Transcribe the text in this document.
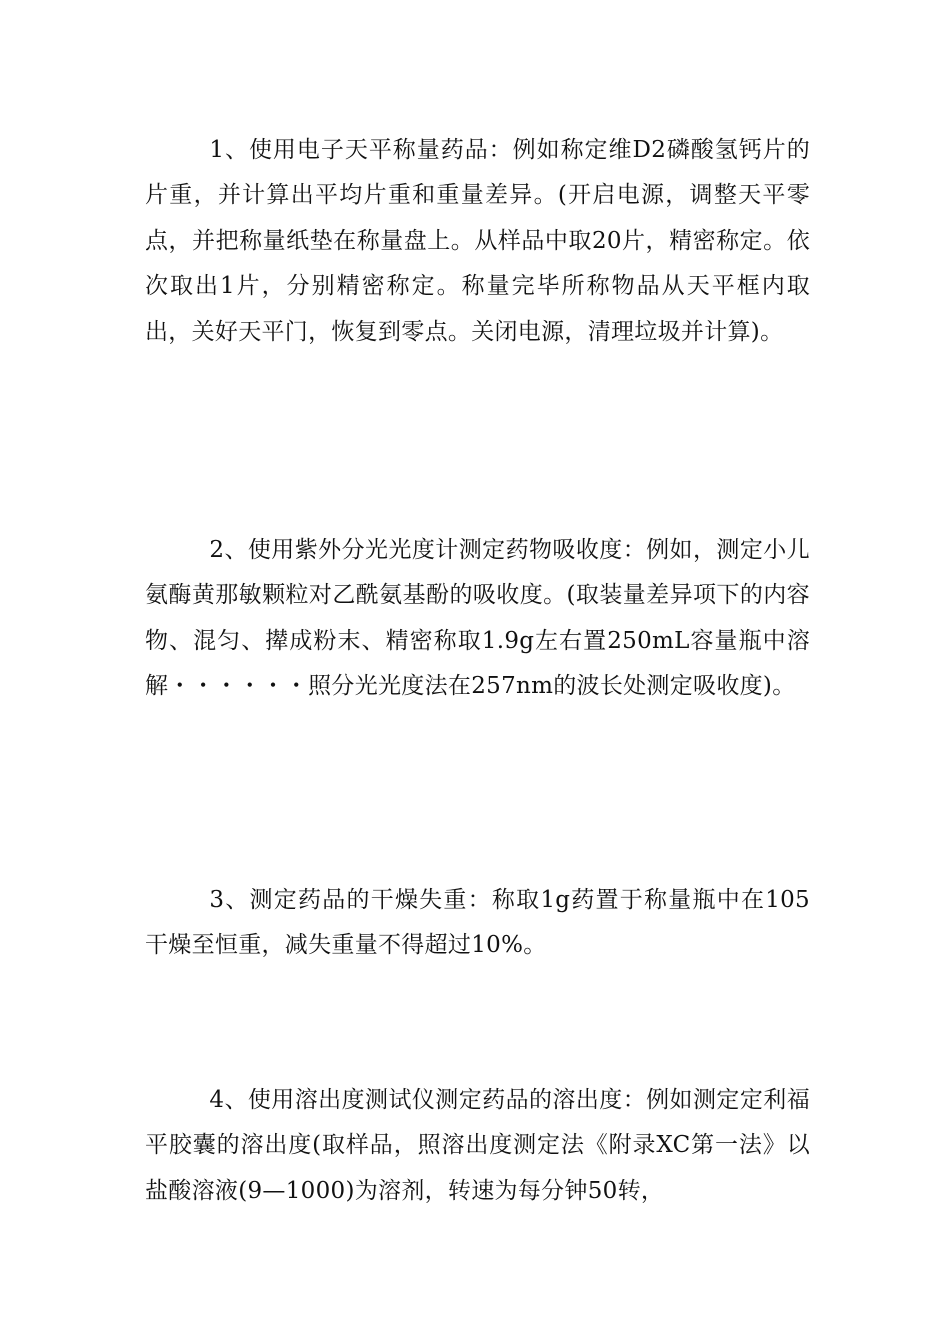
1、使用电子天平称量药品：例如称定维D2磷酸氢钙片的片重，并计算出平均片重和重量差异。(开启电源，调整天平零点，并把称量纸垫在称量盘上。从样品中取20片，精密称定。依次取出1片，分别精密称定。称量完毕所称物品从天平框内取出，关好天平门，恢复到零点。关闭电源，清理垃圾并计算)。

2、使用紫外分光光度计测定药物吸收度：例如，测定小儿氨酶黄那敏颗粒对乙酰氨基酚的吸收度。(取装量差异项下的内容物、混匀、撵成粉末、精密称取1.9g左右置250mL容量瓶中溶解・・・・・・照分光光度法在257nm的波长处测定吸收度)。

3、测定药品的干燥失重：称取1g药置于称量瓶中在105 干燥至恒重，减失重量不得超过10%。

4、使用溶出度测试仪测定药品的溶出度：例如测定定利福平胶囊的溶出度(取样品，照溶出度测定法《附录XC第一法》以盐酸溶液(9—1000)为溶剂，转速为每分钟50转，
